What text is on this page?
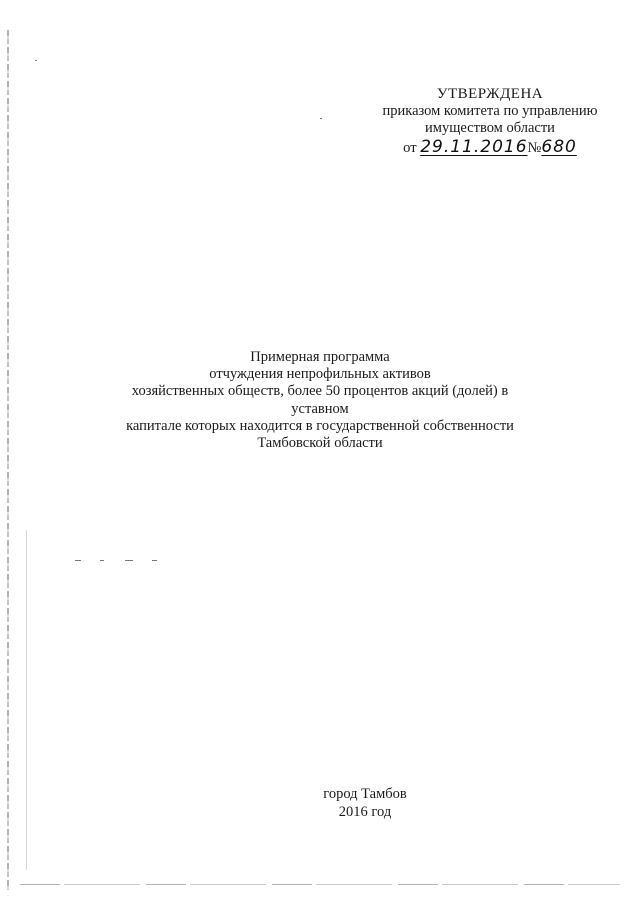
УТВЕРЖДЕНА
приказом комитета по управлению
имуществом области
от 29.11.2016№680
Примерная программа
отчуждения непрофильных активов
хозяйственных обществ, более 50 процентов акций (долей) в уставном
капитале которых находится в государственной собственности
Тамбовской области
город Тамбов
2016 год
